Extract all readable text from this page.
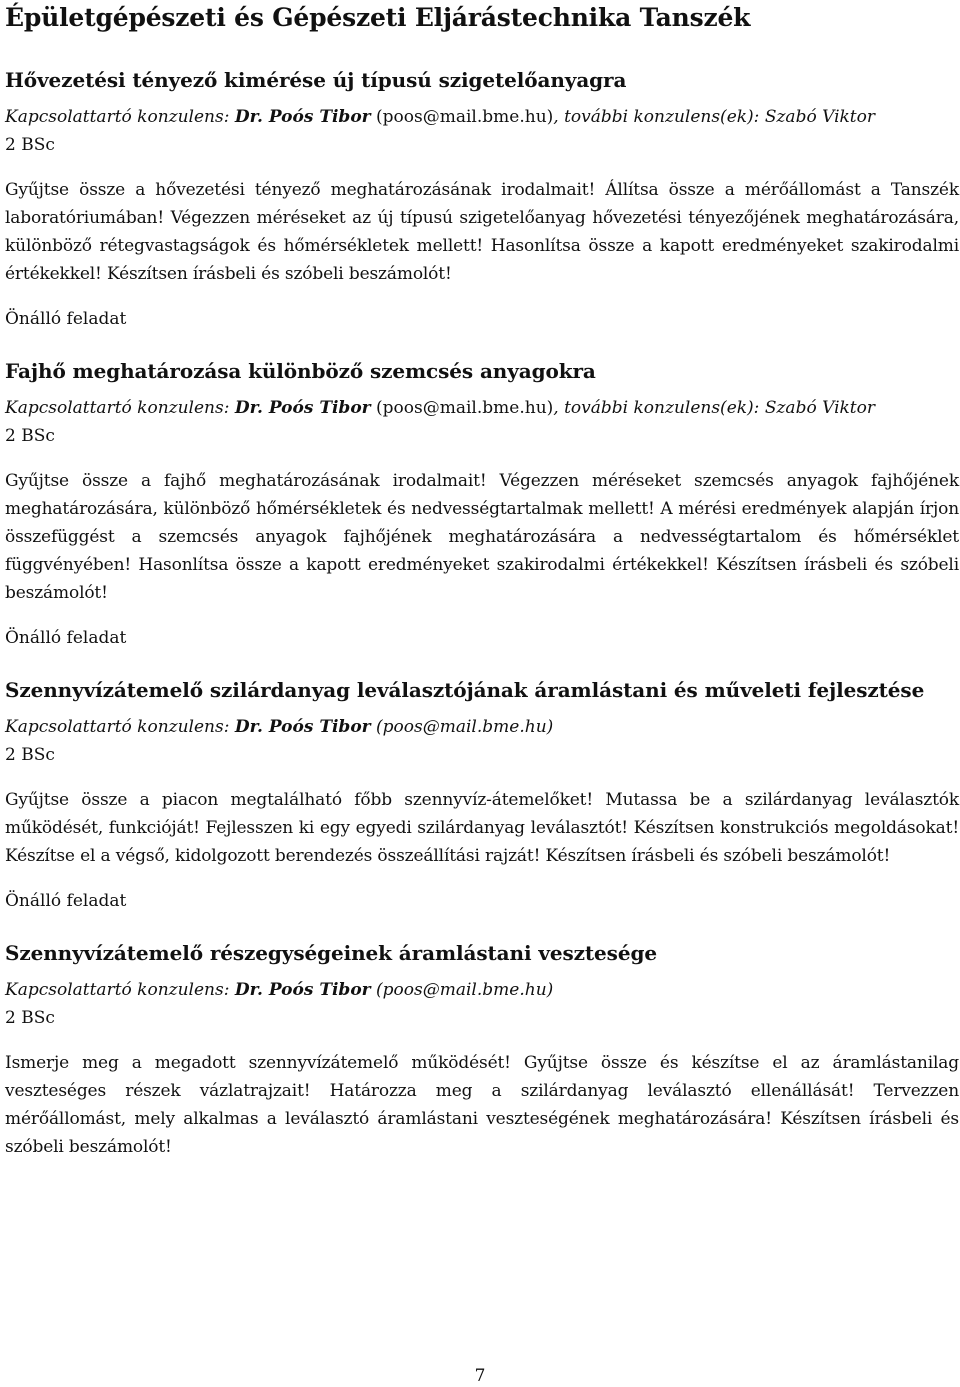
Épületgépészeti és Gépészeti Eljárástechnika Tanszék
Hővezetési tényező kimérése új típusú szigetelőanyagra

Kapcsolattartó konzulens: Dr. Poós Tibor (poos@mail.bme.hu), további konzulens(ek): Szabó Viktor

2 BSc

Gyűjtse össze a hővezetési tényező meghatározásának irodalmait! Állítsa össze a mérőállomást a Tanszék laboratóriumában! Végezzen méréseket az új típusú szigetelőanyag hővezetési tényezőjének meghatározására, különböző rétegvastagságok és hőmérsékletek mellett! Hasonlítsa össze a kapott eredményeket szakirodalmi értékekkel! Készítsen írásbeli és szóbeli beszámolót!

Önálló feladat

Fajhő meghatározása különböző szemcsés anyagokra

Kapcsolattartó konzulens: Dr. Poós Tibor (poos@mail.bme.hu), további konzulens(ek): Szabó Viktor

2 BSc

Gyűjtse össze a fajhő meghatározásának irodalmait! Végezzen méréseket szemcsés anyagok fajhőjének meghatározására, különböző hőmérsékletek és nedvességtartalmak mellett! A mérési eredmények alapján írjon összefüggést a szemcsés anyagok fajhőjének meghatározására a nedvességtartalom és hőmérséklet függvényében! Hasonlítsa össze a kapott eredményeket szakirodalmi értékekkel! Készítsen írásbeli és szóbeli beszámolót!

Önálló feladat

Szennyvízátemelő szilárdanyag leválasztójának áramlástani és műveleti fejlesztése

Kapcsolattartó konzulens: Dr. Poós Tibor (poos@mail.bme.hu)

2 BSc

Gyűjtse össze a piacon megtalálható főbb szennyvíz-átemelőket! Mutassa be a szilárdanyag leválasztók működését, funkcióját! Fejlesszen ki egy egyedi szilárdanyag leválasztót! Készítsen konstrukciós megoldásokat! Készítse el a végső, kidolgozott berendezés összeállítási rajzát! Készítsen írásbeli és szóbeli beszámolót!

Önálló feladat

Szennyvízátemelő részegységeinek áramlástani vesztesége

Kapcsolattartó konzulens: Dr. Poós Tibor (poos@mail.bme.hu)

2 BSc

Ismerje meg a megadott szennyvízátemelő működését! Gyűjtse össze és készítse el az áramlástanilag veszteséges részek vázlatrajzait! Határozza meg a szilárdanyag leválasztó ellenállását! Tervezzen mérőállomást, mely alkalmas a leválasztó áramlástani veszteségének meghatározására! Készítsen írásbeli és szóbeli beszámolót!

7
